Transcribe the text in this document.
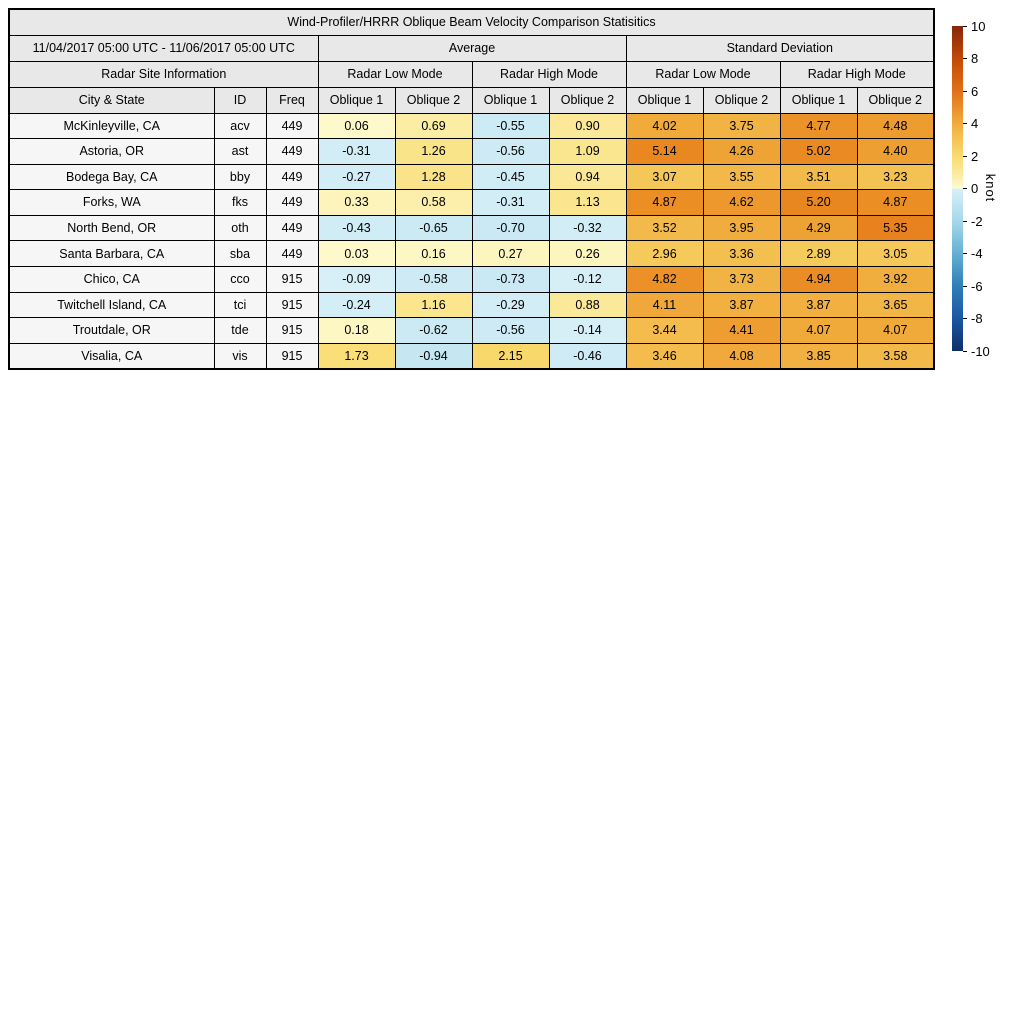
Wind-Profiler/HRRR Oblique Beam Velocity Comparison Statisitics										
11/04/2017 05:00 UTC - 11/06/2017 05:00 UTC			Average				Standard Deviation			
Radar Site Information			Radar Low Mode		Radar High Mode		Radar Low Mode		Radar High Mode	
City & State	ID	Freq	Oblique 1	Oblique 2	Oblique 1	Oblique 2	Oblique 1	Oblique 2	Oblique 1	Oblique 2
McKinleyville, CA	acv	449	0.06	0.69	-0.55	0.90	4.02	3.75	4.77	4.48
Astoria, OR	ast	449	-0.31	1.26	-0.56	1.09	5.14	4.26	5.02	4.40
Bodega Bay, CA	bby	449	-0.27	1.28	-0.45	0.94	3.07	3.55	3.51	3.23
Forks, WA	fks	449	0.33	0.58	-0.31	1.13	4.87	4.62	5.20	4.87
North Bend, OR	oth	449	-0.43	-0.65	-0.70	-0.32	3.52	3.95	4.29	5.35
Santa Barbara, CA	sba	449	0.03	0.16	0.27	0.26	2.96	3.36	2.89	3.05
Chico, CA	cco	915	-0.09	-0.58	-0.73	-0.12	4.82	3.73	4.94	3.92
Twitchell Island, CA	tci	915	-0.24	1.16	-0.29	0.88	4.11	3.87	3.87	3.65
Troutdale, OR	tde	915	0.18	-0.62	-0.56	-0.14	3.44	4.41	4.07	4.07
Visalia, CA	vis	915	1.73	-0.94	2.15	-0.46	3.46	4.08	3.85	3.58
10
8
6
4
2
0
-2
-4
-6
-8
-10
knot
